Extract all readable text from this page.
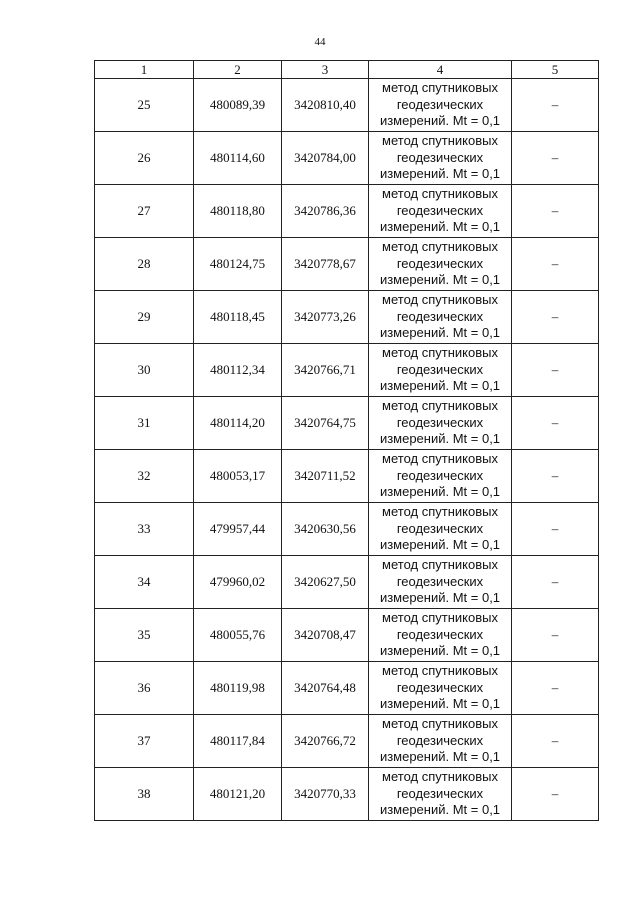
44
1	2	3	4	5
25	480089,39	3420810,40	метод спутниковых
геодезических
измерений. Mt = 0,1	–
26	480114,60	3420784,00	метод спутниковых
геодезических
измерений. Mt = 0,1	–
27	480118,80	3420786,36	метод спутниковых
геодезических
измерений. Mt = 0,1	–
28	480124,75	3420778,67	метод спутниковых
геодезических
измерений. Mt = 0,1	–
29	480118,45	3420773,26	метод спутниковых
геодезических
измерений. Mt = 0,1	–
30	480112,34	3420766,71	метод спутниковых
геодезических
измерений. Mt = 0,1	–
31	480114,20	3420764,75	метод спутниковых
геодезических
измерений. Mt = 0,1	–
32	480053,17	3420711,52	метод спутниковых
геодезических
измерений. Mt = 0,1	–
33	479957,44	3420630,56	метод спутниковых
геодезических
измерений. Mt = 0,1	–
34	479960,02	3420627,50	метод спутниковых
геодезических
измерений. Mt = 0,1	–
35	480055,76	3420708,47	метод спутниковых
геодезических
измерений. Mt = 0,1	–
36	480119,98	3420764,48	метод спутниковых
геодезических
измерений. Mt = 0,1	–
37	480117,84	3420766,72	метод спутниковых
геодезических
измерений. Mt = 0,1	–
38	480121,20	3420770,33	метод спутниковых
геодезических
измерений. Mt = 0,1	–
